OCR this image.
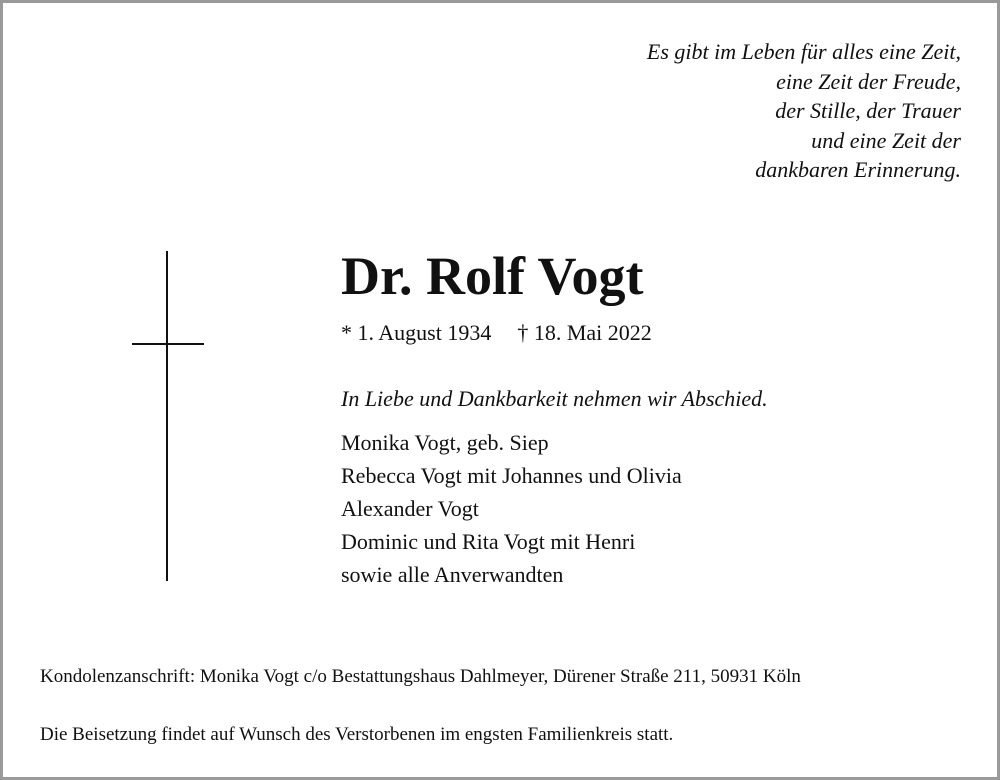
Es gibt im Leben für alles eine Zeit,
eine Zeit der Freude,
der Stille, der Trauer
und eine Zeit der
dankbaren Erinnerung.
Dr. Rolf Vogt
* 1. August 1934 † 18. Mai 2022
In Liebe und Dankbarkeit nehmen wir Abschied.
Monika Vogt, geb. Siep
Rebecca Vogt mit Johannes und Olivia
Alexander Vogt
Dominic und Rita Vogt mit Henri
sowie alle Anverwandten
Kondolenzanschrift: Monika Vogt c/o Bestattungshaus Dahlmeyer, Dürener Straße 211, 50931 Köln
Die Beisetzung findet auf Wunsch des Verstorbenen im engsten Familienkreis statt.
